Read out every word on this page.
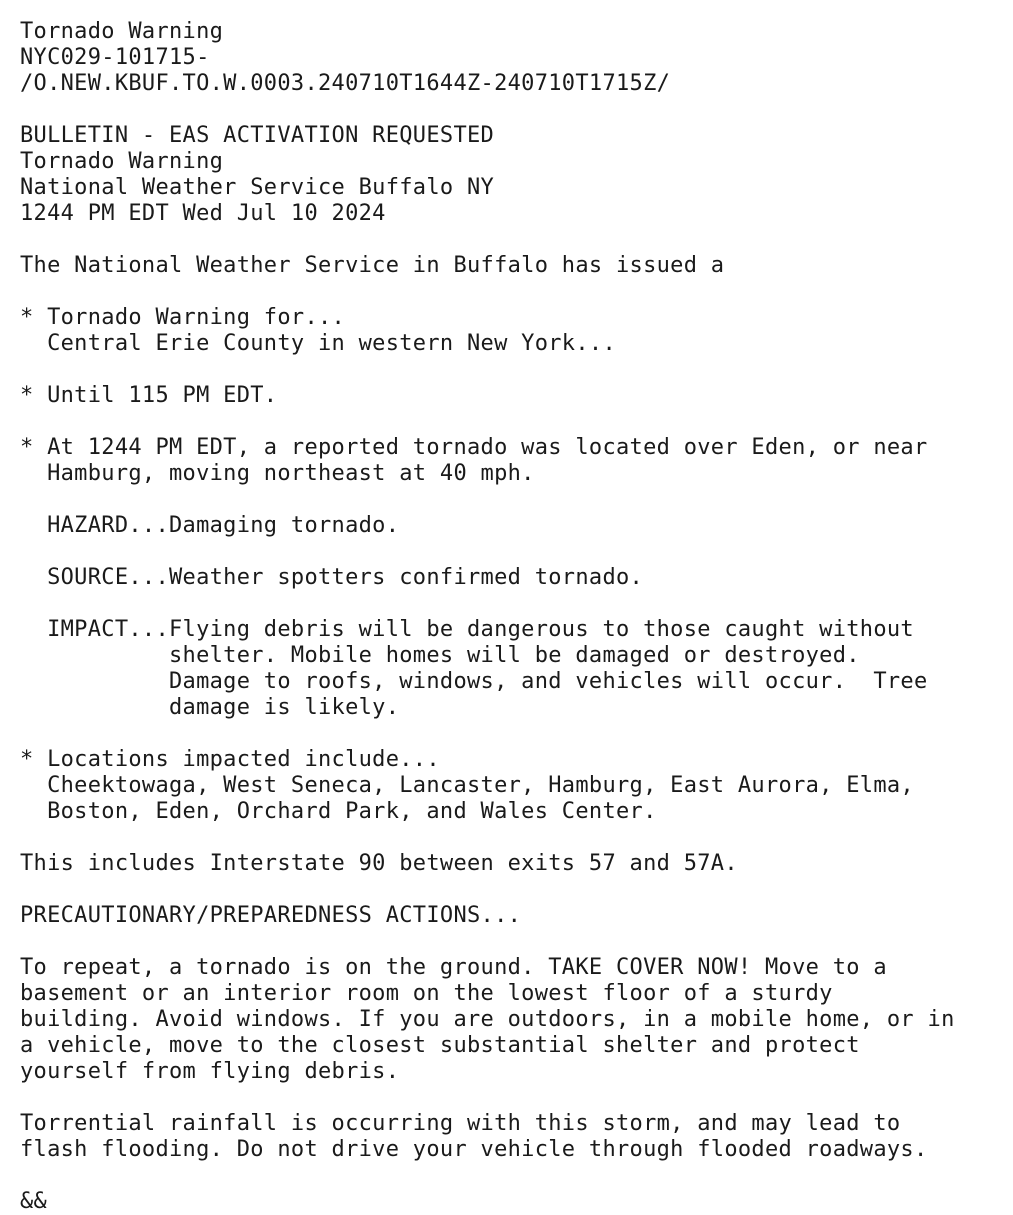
Tornado Warning
NYC029-101715-
/O.NEW.KBUF.TO.W.0003.240710T1644Z-240710T1715Z/
BULLETIN - EAS ACTIVATION REQUESTED
Tornado Warning
National Weather Service Buffalo NY
1244 PM EDT Wed Jul 10 2024
The National Weather Service in Buffalo has issued a
* Tornado Warning for...
Central Erie County in western New York...
* Until 115 PM EDT.
* At 1244 PM EDT, a reported tornado was located over Eden, or near
Hamburg, moving northeast at 40 mph.
HAZARD...Damaging tornado.
SOURCE...Weather spotters confirmed tornado.
IMPACT...Flying debris will be dangerous to those caught without
shelter. Mobile homes will be damaged or destroyed.
Damage to roofs, windows, and vehicles will occur.  Tree
damage is likely.
* Locations impacted include...
Cheektowaga, West Seneca, Lancaster, Hamburg, East Aurora, Elma,
Boston, Eden, Orchard Park, and Wales Center.
This includes Interstate 90 between exits 57 and 57A.
PRECAUTIONARY/PREPAREDNESS ACTIONS...
To repeat, a tornado is on the ground. TAKE COVER NOW! Move to a
basement or an interior room on the lowest floor of a sturdy
building. Avoid windows. If you are outdoors, in a mobile home, or in
a vehicle, move to the closest substantial shelter and protect
yourself from flying debris.
Torrential rainfall is occurring with this storm, and may lead to
flash flooding. Do not drive your vehicle through flooded roadways.
&&
